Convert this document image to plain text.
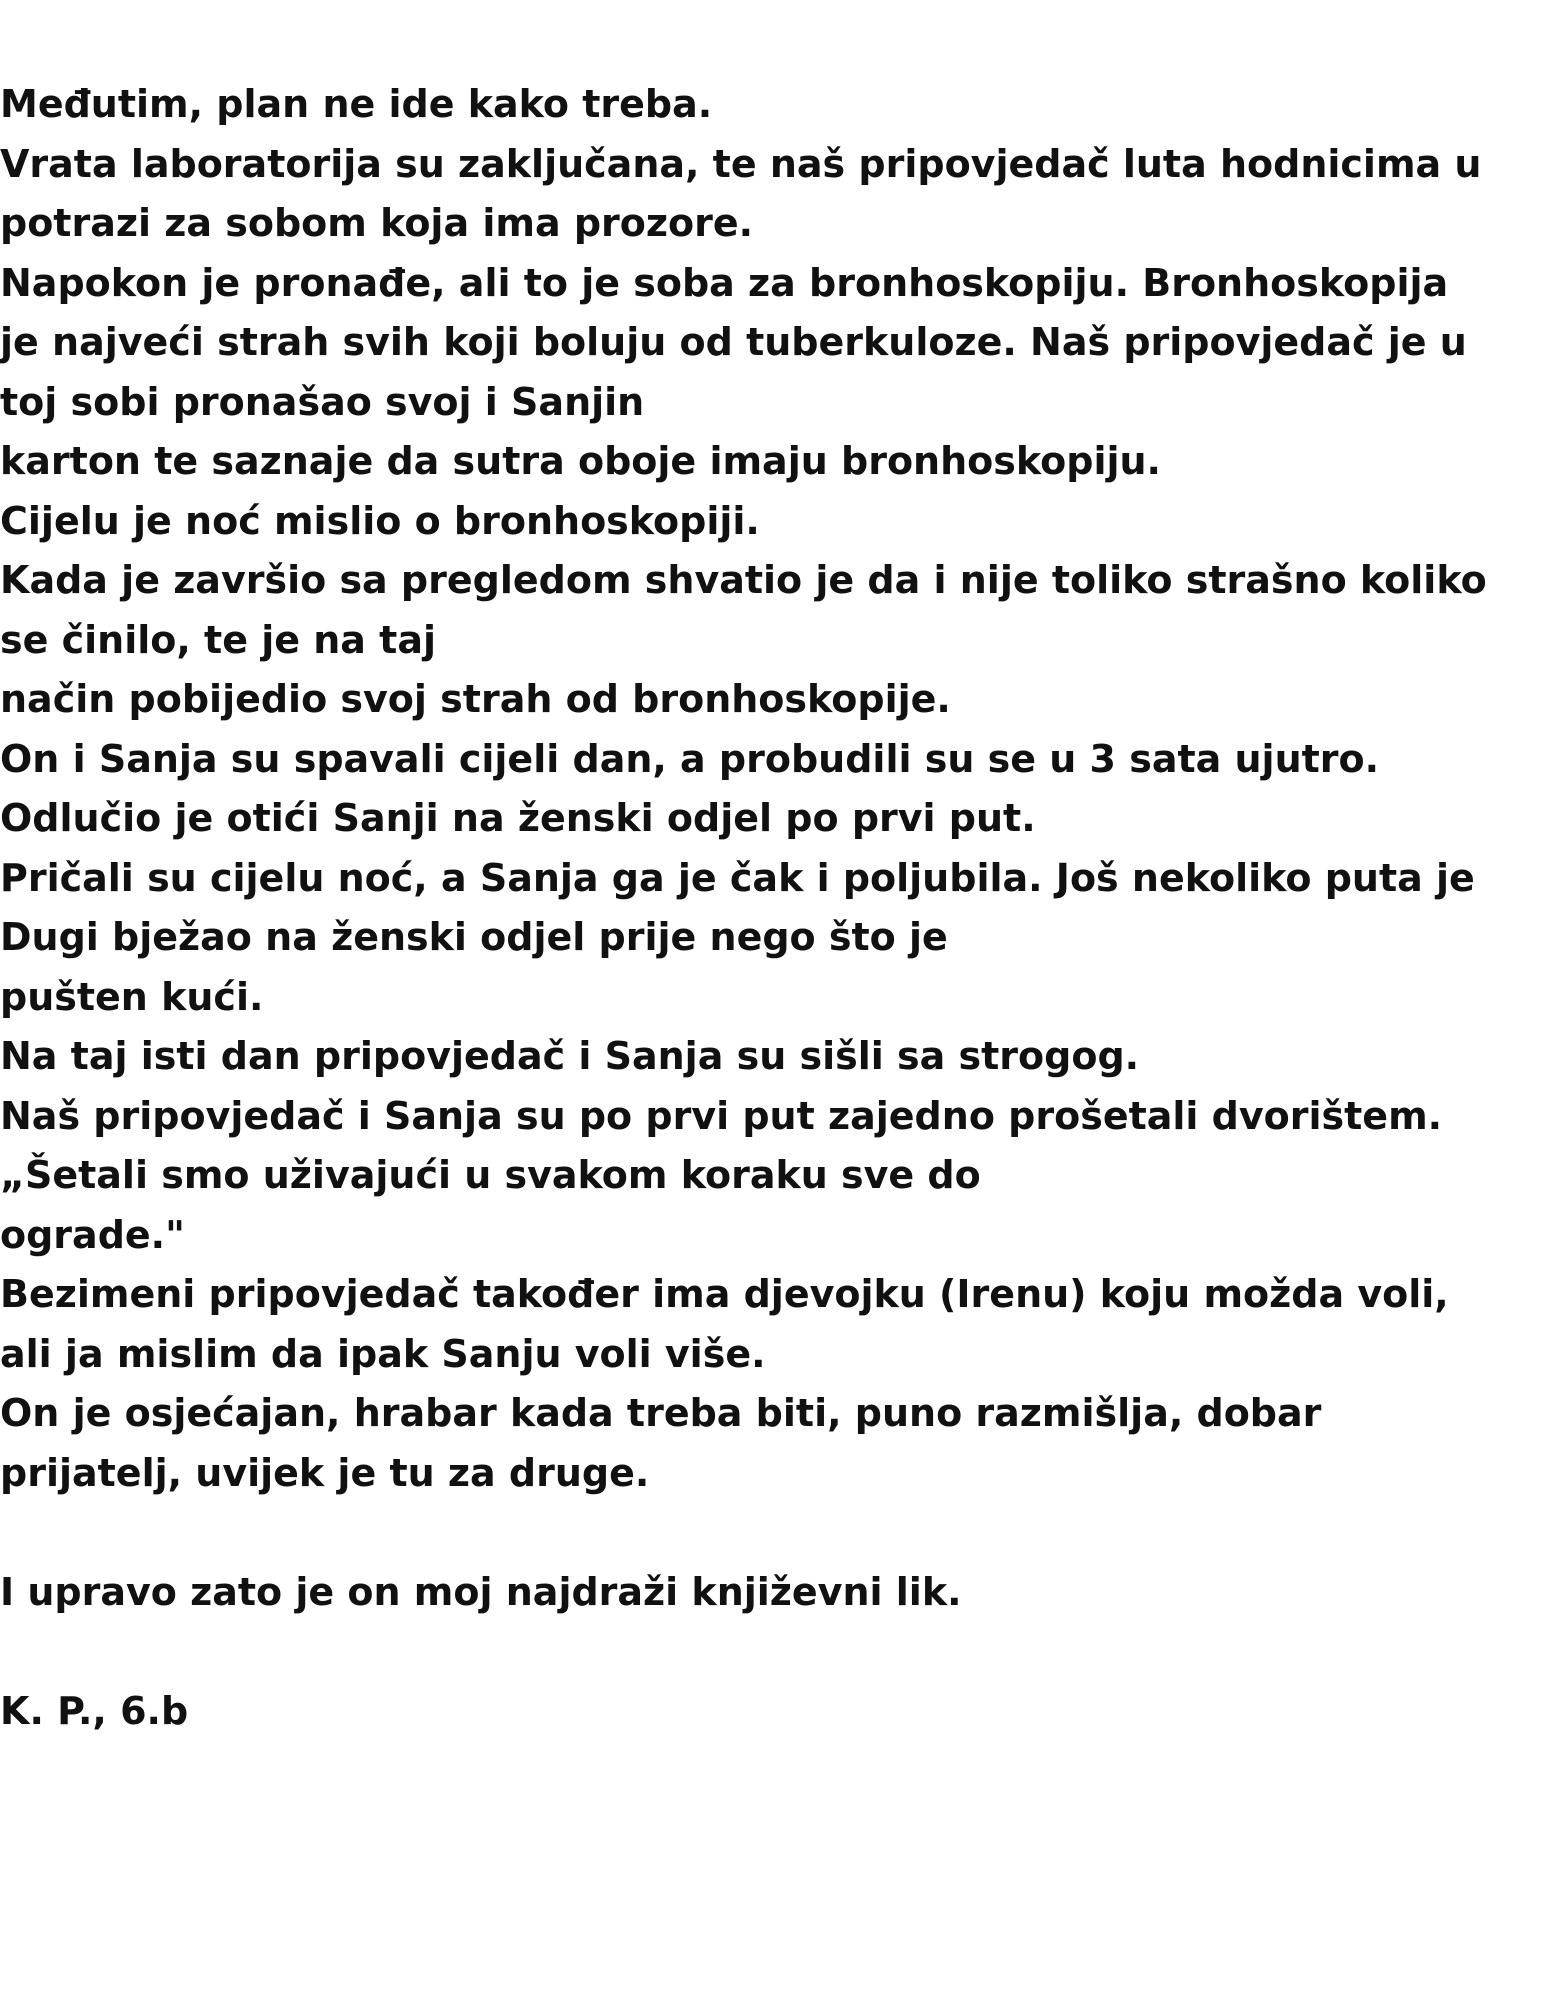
Međutim, plan ne ide kako treba.
Vrata laboratorija su zaključana, te naš pripovjedač luta hodnicima u
potrazi za sobom koja ima prozore.
Napokon je pronađe, ali to je soba za bronhoskopiju. Bronhoskopija
je najveći strah svih koji boluju od tuberkuloze. Naš pripovjedač je u
toj sobi pronašao svoj i Sanjin
karton te saznaje da sutra oboje imaju bronhoskopiju.
Cijelu je noć mislio o bronhoskopiji.
Kada je završio sa pregledom shvatio je da i nije toliko strašno koliko
se činilo, te je na taj
način pobijedio svoj strah od bronhoskopije.
On i Sanja su spavali cijeli dan, a probudili su se u 3 sata ujutro.
Odlučio je otići Sanji na ženski odjel po prvi put.
Pričali su cijelu noć, a Sanja ga je čak i poljubila. Još nekoliko puta je
Dugi bježao na ženski odjel prije nego što je
pušten kući.
Na taj isti dan pripovjedač i Sanja su sišli sa strogog.
Naš pripovjedač i Sanja su po prvi put zajedno prošetali dvorištem.
„Šetali smo uživajući u svakom koraku sve do
ograde."
Bezimeni pripovjedač također ima djevojku (Irenu) koju možda voli,
ali ja mislim da ipak Sanju voli više.
On je osjećajan, hrabar kada treba biti, puno razmišlja, dobar
prijatelj, uvijek je tu za druge.
I upravo zato je on moj najdraži književni lik.
K. P., 6.b
